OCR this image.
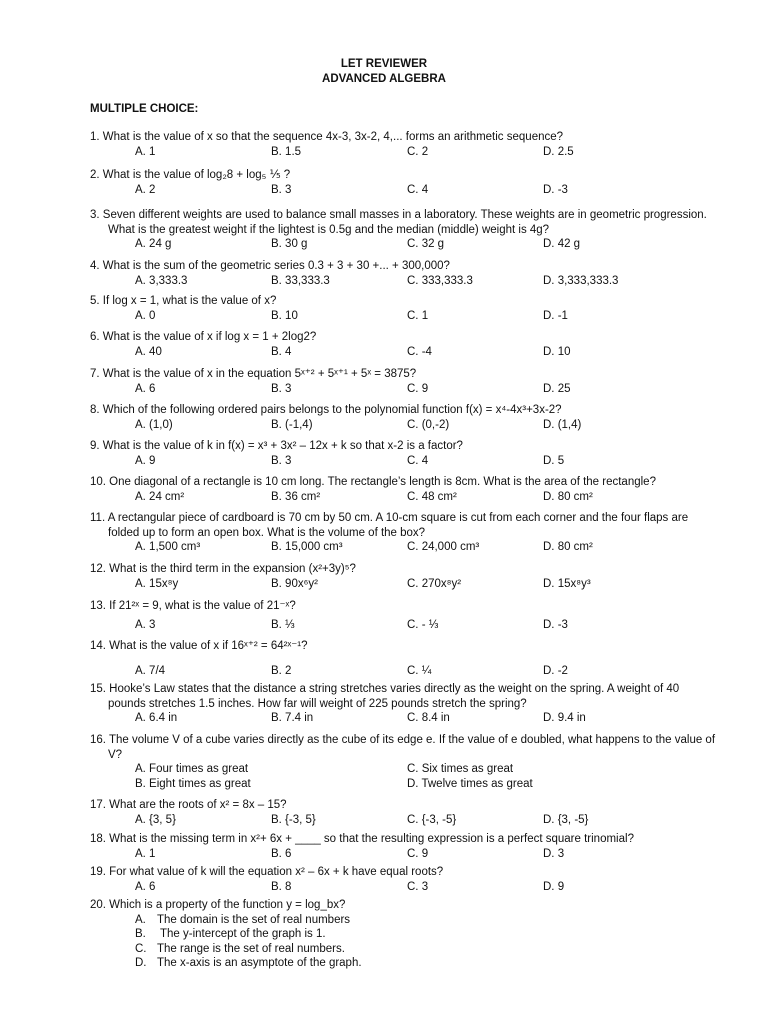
LET REVIEWER
ADVANCED ALGEBRA
MULTIPLE CHOICE:
1. What is the value of x so that the sequence 4x-3, 3x-2, 4,... forms an arithmetic sequence?
A. 1	B. 1.5	C. 2	D. 2.5
2. What is the value of log₂8 + log₅ ⅕ ?
A. 2	B. 3	C. 4	D. -3
3. Seven different weights are used to balance small masses in a laboratory. These weights are in geometric progression. What is the greatest weight if the lightest is 0.5g and the median (middle) weight is 4g?
A. 24 g	B. 30 g	C. 32 g	D. 42 g
4. What is the sum of the geometric series 0.3 + 3 + 30 +... + 300,000?
A. 3,333.3	B. 33,333.3	C. 333,333.3	D. 3,333,333.3
5. If log x = 1, what is the value of x?
A. 0	B. 10	C. 1	D. -1
6. What is the value of x if log x = 1 + 2log2?
A. 40	B. 4	C. -4	D. 10
7. What is the value of x in the equation 5ˣ⁺² + 5ˣ⁺¹ + 5ˣ = 3875?
A. 6	B. 3	C. 9	D. 25
8. Which of the following ordered pairs belongs to the polynomial function f(x) = x⁴-4x³+3x-2?
A. (1,0)	B. (-1,4)	C. (0,-2)	D. (1,4)
9. What is the value of k in f(x) = x³ + 3x² – 12x + k so that x-2 is a factor?
A. 9	B. 3	C. 4	D. 5
10. One diagonal of a rectangle is 10 cm long. The rectangle’s length is 8cm. What is the area of the rectangle?
A. 24 cm²	B. 36 cm²	C. 48 cm²	D. 80 cm²
11. A rectangular piece of cardboard is 70 cm by 50 cm. A 10-cm square is cut from each corner and the four flaps are folded up to form an open box. What is the volume of the box?
A. 1,500 cm³	B. 15,000 cm³	C. 24,000 cm³	D. 80 cm²
12. What is the third term in the expansion (x²+3y)⁵?
A. 15x⁸y	B. 90x⁶y²	C. 270x⁸y²	D. 15x⁸y³
13. If 21²ˣ = 9, what is the value of 21⁻ˣ?
A. 3	B. ⅓	C. - ⅓	D. -3
14. What is the value of x if 16ˣ⁺² = 64²ˣ⁻¹?
A. 7/4	B. 2	C. ¼	D. -2
15. Hooke’s Law states that the distance a string stretches varies directly as the weight on the spring. A weight of 40 pounds stretches 1.5 inches. How far will weight of 225 pounds stretch the spring?
A. 6.4 in	B. 7.4 in	C. 8.4 in	D. 9.4 in
16. The volume V of a cube varies directly as the cube of its edge e. If the value of e doubled, what happens to the value of V?
A. Four times as great	C. Six times as great
B. Eight times as great	D. Twelve times as great
17. What are the roots of x² = 8x – 15?
A. {3, 5}	B. {-3, 5}	C. {-3, -5}	D. {3, -5}
18. What is the missing term in x²+ 6x + ____ so that the resulting expression is a perfect square trinomial?
A. 1	B. 6	C. 9	D. 3
19. For what value of k will the equation x² – 6x + k have equal roots?
A. 6	B. 8	C. 3	D. 9
20. Which is a property of the function y = log_bx?
A. The domain is the set of real numbers
B. The y-intercept of the graph is 1.
C. The range is the set of real numbers.
D. The x-axis is an asymptote of the graph.
